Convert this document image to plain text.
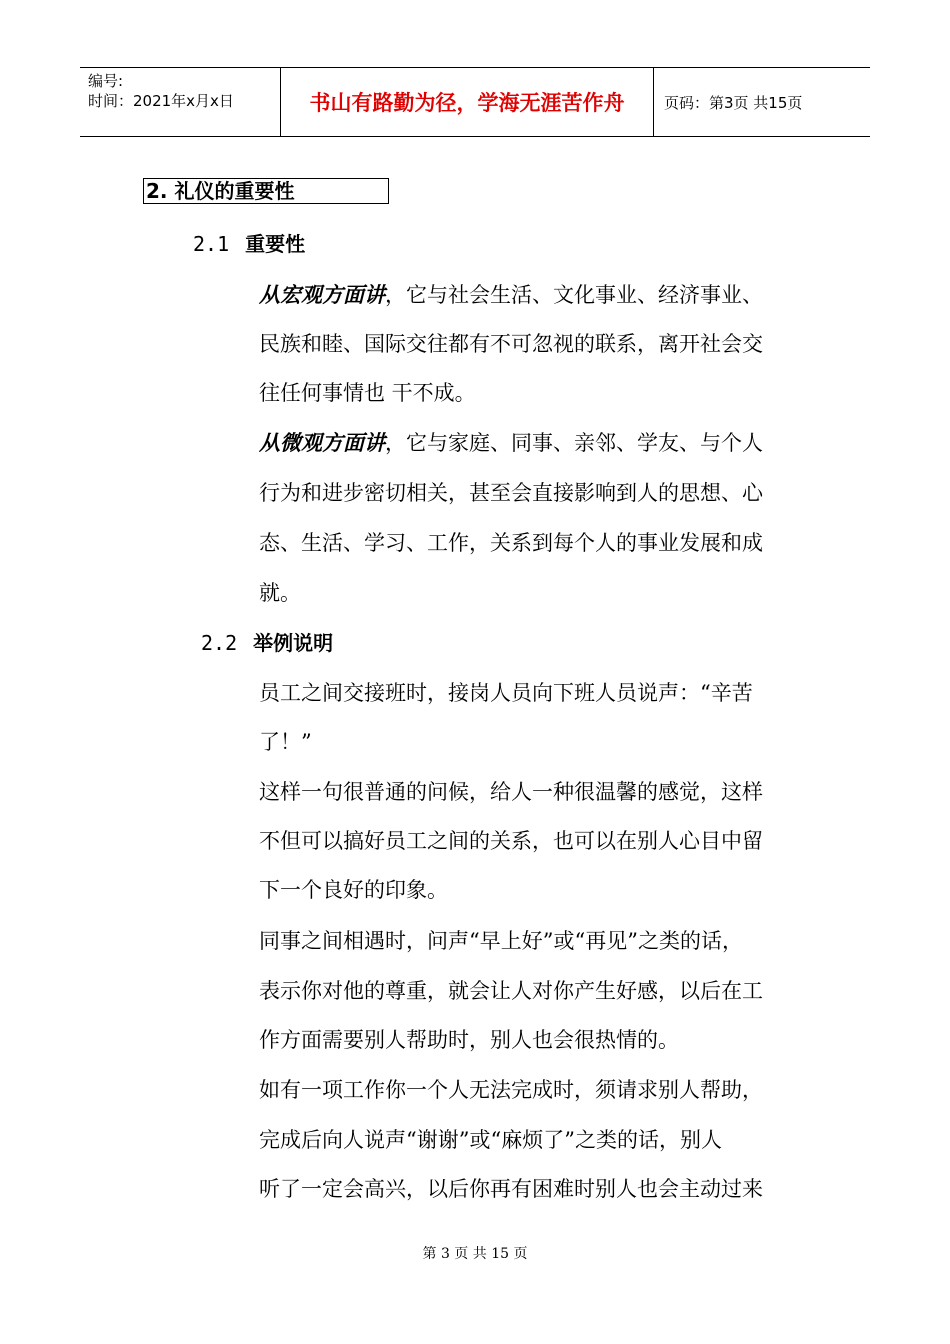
编号:
时间：2021年x月x日	书山有路勤为径，学海无涯苦作舟	页码：第3页 共15页
2. 礼仪的重要性
2.1 重要性
从宏观方面讲，它与社会生活、文化事业、经济事业、
民族和睦、国际交往都有不可忽视的联系，离开社会交
往任何事情也 干不成。
从微观方面讲，它与家庭、同事、亲邻、学友、与个人
行为和进步密切相关，甚至会直接影响到人的思想、心
态、生活、学习、工作，关系到每个人的事业发展和成
就。
2.2 举例说明
员工之间交接班时，接岗人员向下班人员说声：“辛苦
了！”
这样一句很普通的问候，给人一种很温馨的感觉，这样
不但可以搞好员工之间的关系，也可以在别人心目中留
下一个良好的印象。
同事之间相遇时，问声“早上好”或“再见”之类的话，
表示你对他的尊重，就会让人对你产生好感，以后在工
作方面需要别人帮助时，别人也会很热情的。
如有一项工作你一个人无法完成时，须请求别人帮助，
完成后向人说声“谢谢”或“麻烦了”之类的话，别人
听了一定会高兴，以后你再有困难时别人也会主动过来
第 3 页 共 15 页
